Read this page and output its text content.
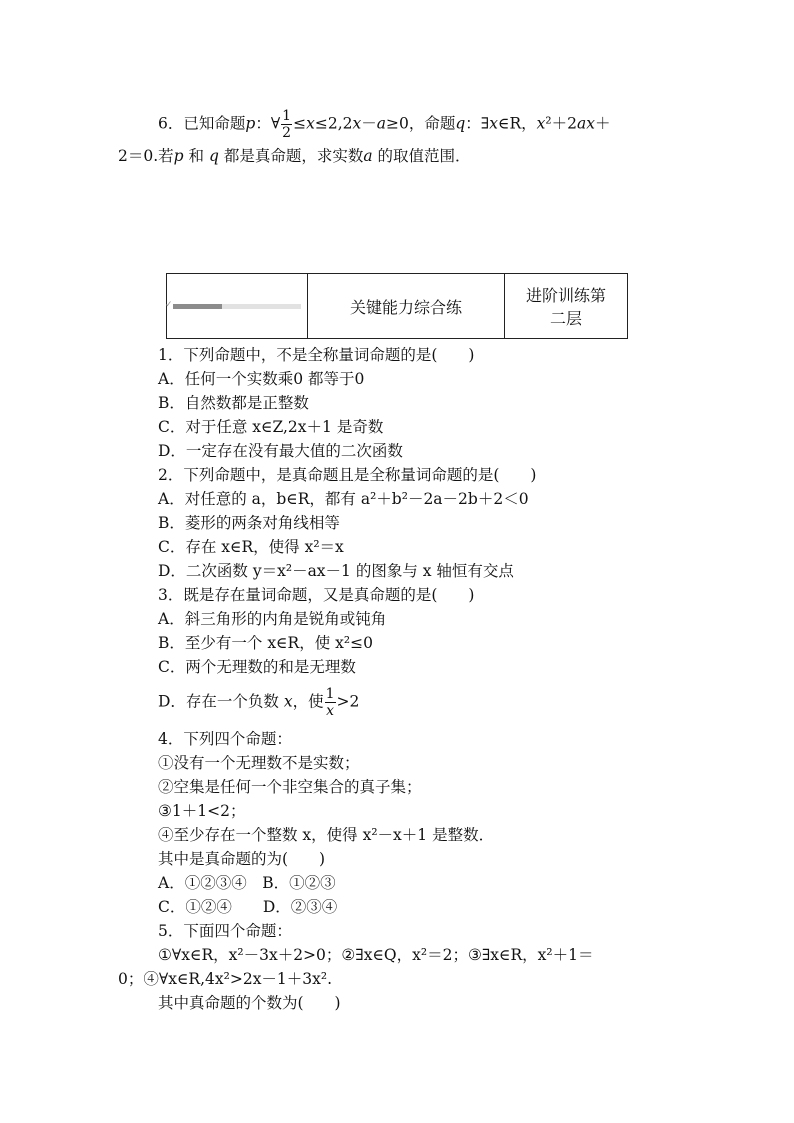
6．已知命题p：∀ $\frac{1}{2} \le x\le 2,2x-a\ge 0$，命题q：∃x∈R，x²＋2ax＋
2＝0.若p 和 q 都是真命题，求实数a 的取值范围．
✓	关键能力综合练	进阶训练第
二层
1．下列命题中，不是全称量词命题的是(　　)
A．任何一个实数乘0 都等于0
B．自然数都是正整数
C．对于任意 x∈Z,2x＋1 是奇数
D．一定存在没有最大值的二次函数
2．下列命题中，是真命题且是全称量词命题的是(　　)
A．对任意的 a，b∈R，都有 a²＋b²－2a－2b＋2＜0
B．菱形的两条对角线相等
C．存在 x∈R，使得 x²＝x
D．二次函数 y＝x²－ax－1 的图象与 x 轴恒有交点
3．既是存在量词命题，又是真命题的是(　　)
A．斜三角形的内角是锐角或钝角
B．至少有一个 x∈R，使 x²≤0
C．两个无理数的和是无理数
4．下列四个命题：
①没有一个无理数不是实数；
②空集是任何一个非空集合的真子集；
③1＋1<2；
④至少存在一个整数 x，使得 x²－x＋1 是整数．
其中是真命题的为(　　)
A．①②③④　B．①②③
C．①②④　　D．②③④
5．下面四个命题：
①∀x∈R，x²－3x＋2>0；②∃x∈Q，x²＝2；③∃x∈R，x²＋1＝
0；④∀x∈R,4x²>2x－1＋3x².
其中真命题的个数为(　　)
D．存在一个负数 x，使 $\frac{1}{x} >2$
